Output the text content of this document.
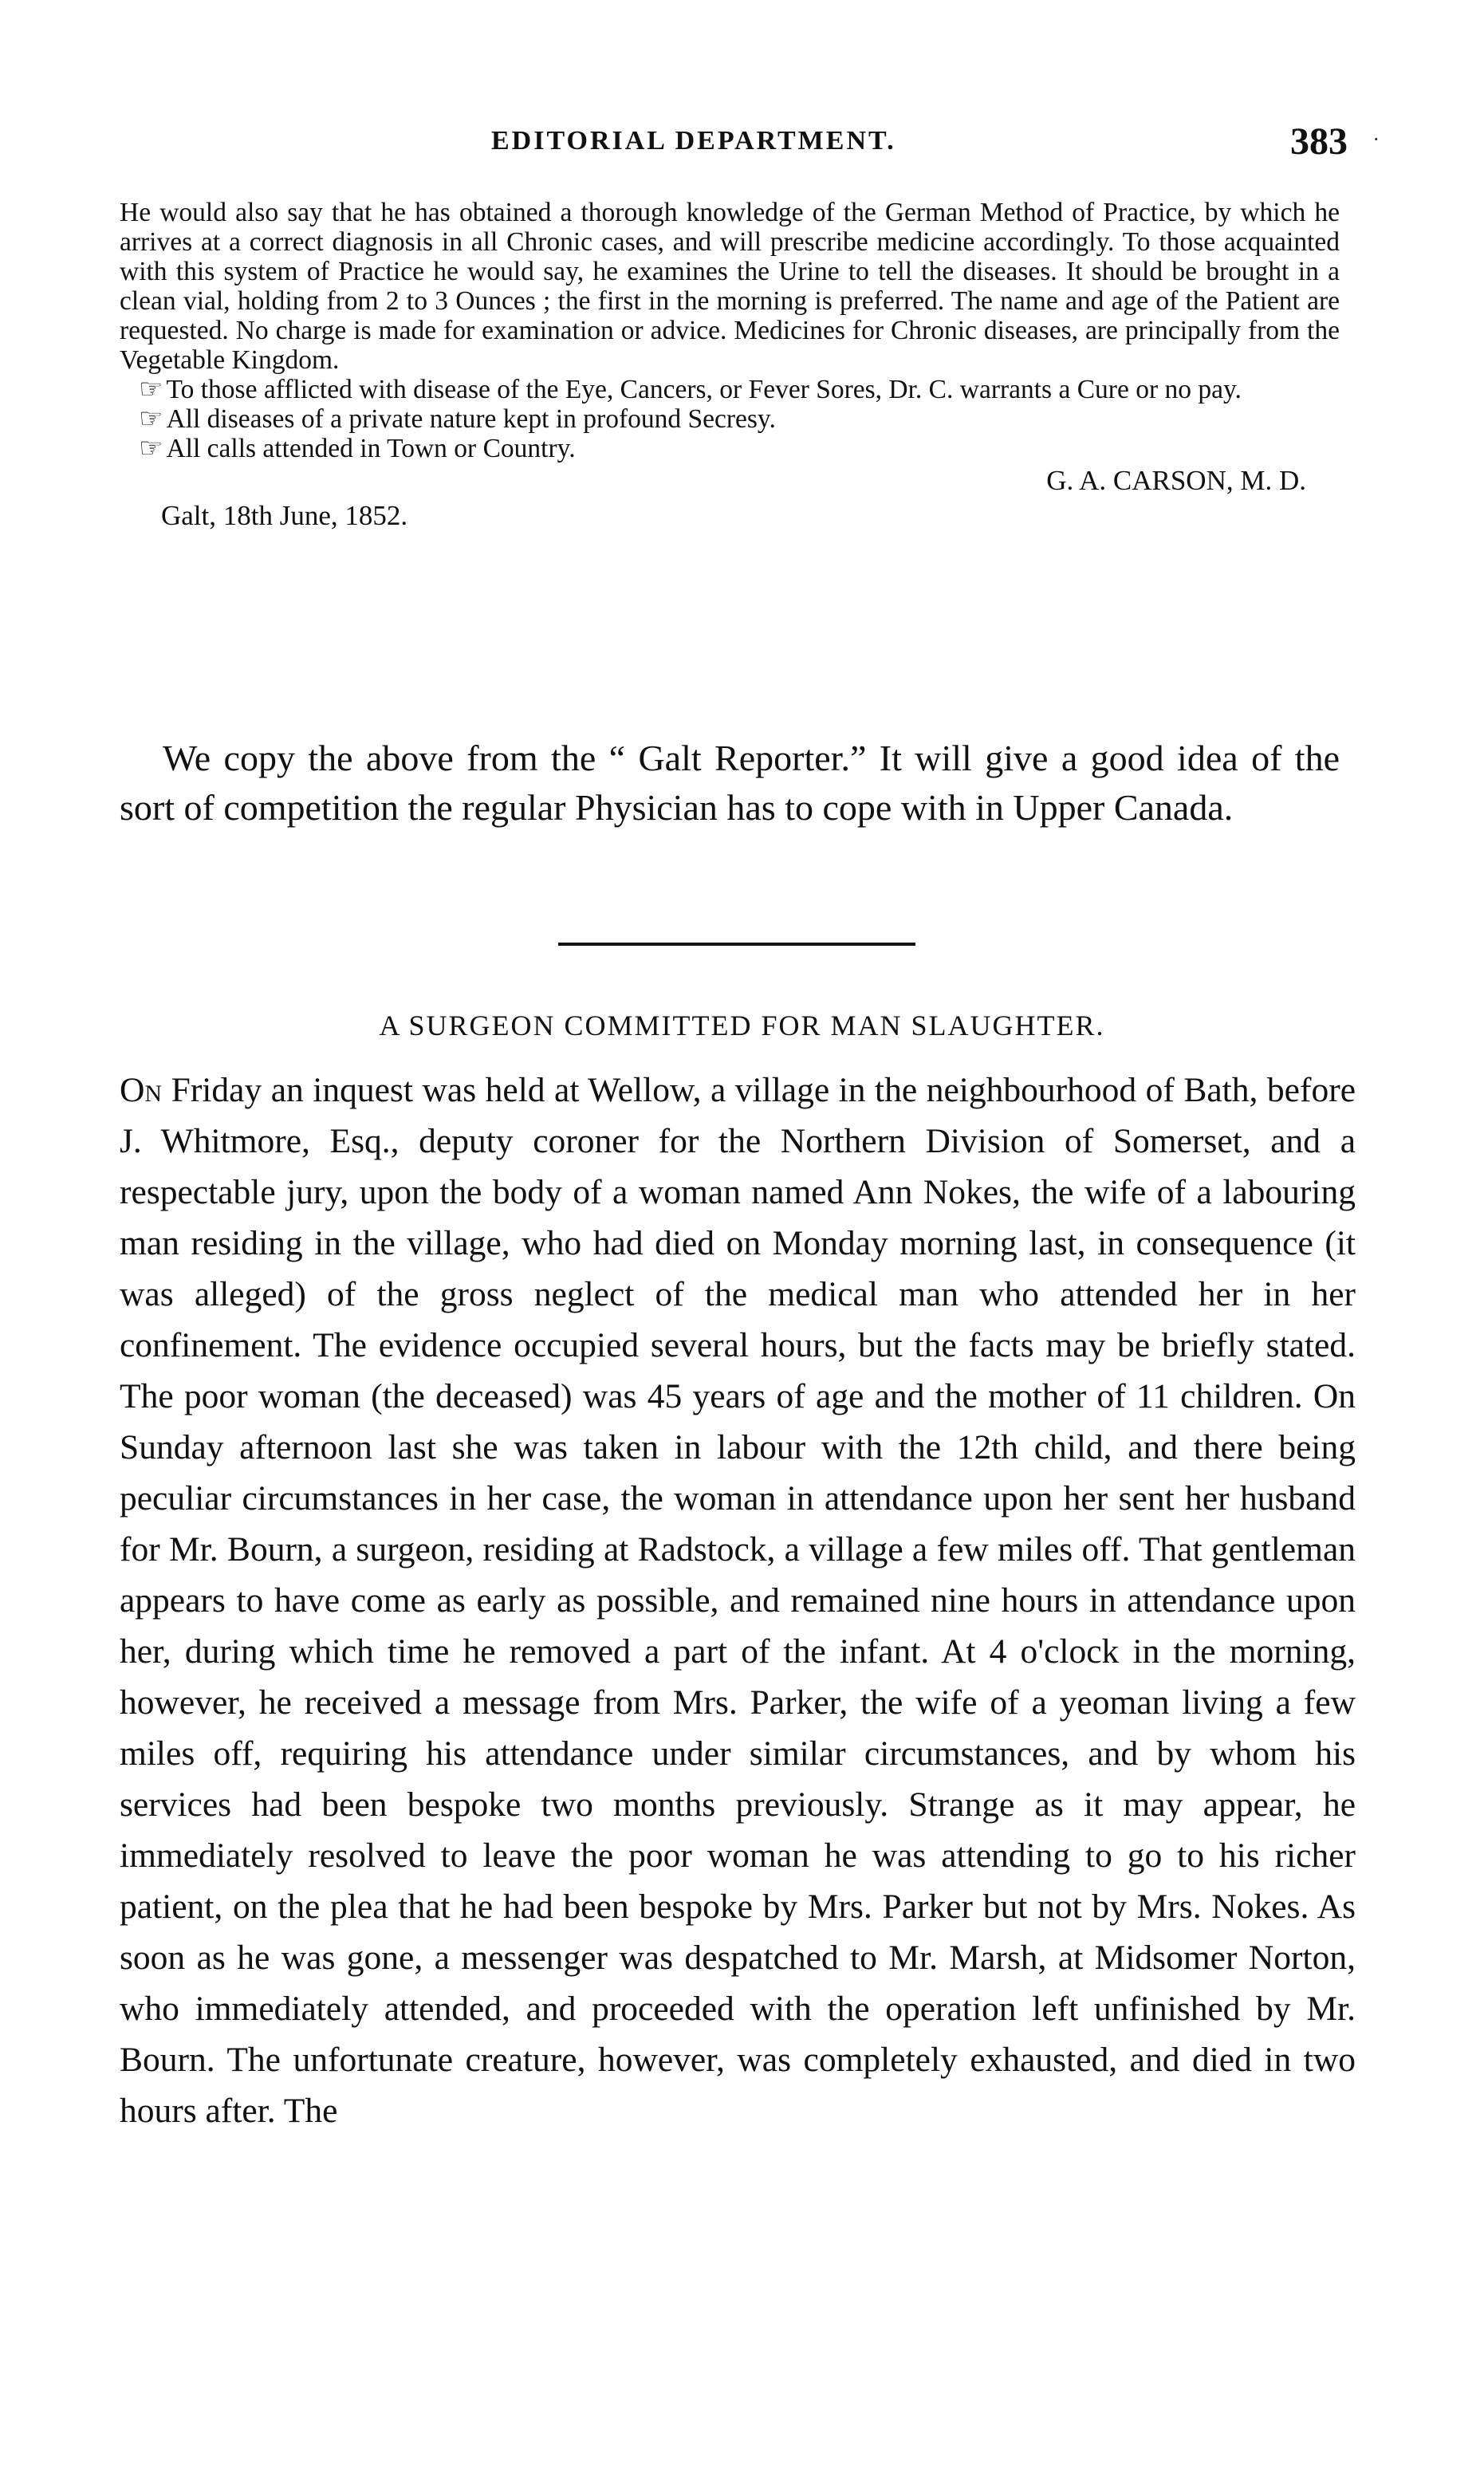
EDITORIAL DEPARTMENT.	383 ·

He would also say that he has obtained a thorough knowledge of the German Method of Practice, by which he arrives at a correct diagnosis in all Chronic cases, and will prescribe medicine accordingly. To those acquainted with this system of Practice he would say, he examines the Urine to tell the diseases. It should be brought in a clean vial, holding from 2 to 3 Ounces ; the first in the morning is preferred. The name and age of the Patient are requested. No charge is made for examination or advice. Medicines for Chronic diseases, are principally from the Vegetable Kingdom.

☞ To those afflicted with disease of the Eye, Cancers, or Fever Sores, Dr. C. warrants a Cure or no pay.

☞ All diseases of a private nature kept in profound Secresy.

☞ All calls attended in Town or Country.

G. A. CARSON, M. D.
Galt, 18th June, 1852.

We copy the above from the “ Galt Reporter.” It will give a good idea of the sort of competition the regular Physician has to cope with in Upper Canada.

A SURGEON COMMITTED FOR MAN SLAUGHTER.

On Friday an inquest was held at Wellow, a village in the neighbourhood of Bath, before J. Whitmore, Esq., deputy coroner for the Northern Division of Somerset, and a respectable jury, upon the body of a woman named Ann Nokes, the wife of a labouring man residing in the village, who had died on Monday morning last, in consequence (it was alleged) of the gross neglect of the medical man who attended her in her confinement. The evidence occupied several hours, but the facts may be briefly stated. The poor woman (the deceased) was 45 years of age and the mother of 11 children. On Sunday afternoon last she was taken in labour with the 12th child, and there being peculiar circumstances in her case, the woman in attendance upon her sent her husband for Mr. Bourn, a surgeon, residing at Radstock, a village a few miles off. That gentleman appears to have come as early as possible, and remained nine hours in attendance upon her, during which time he removed a part of the infant. At 4 o'clock in the morning, however, he received a message from Mrs. Parker, the wife of a yeoman living a few miles off, requiring his attendance under similar circumstances, and by whom his services had been bespoke two months previously. Strange as it may appear, he immediately resolved to leave the poor woman he was attending to go to his richer patient, on the plea that he had been bespoke by Mrs. Parker but not by Mrs. Nokes. As soon as he was gone, a messenger was despatched to Mr. Marsh, at Midsomer Norton, who immediately attended, and proceeded with the operation left unfinished by Mr. Bourn. The unfortunate creature, however, was completely exhausted, and died in two hours after. The
